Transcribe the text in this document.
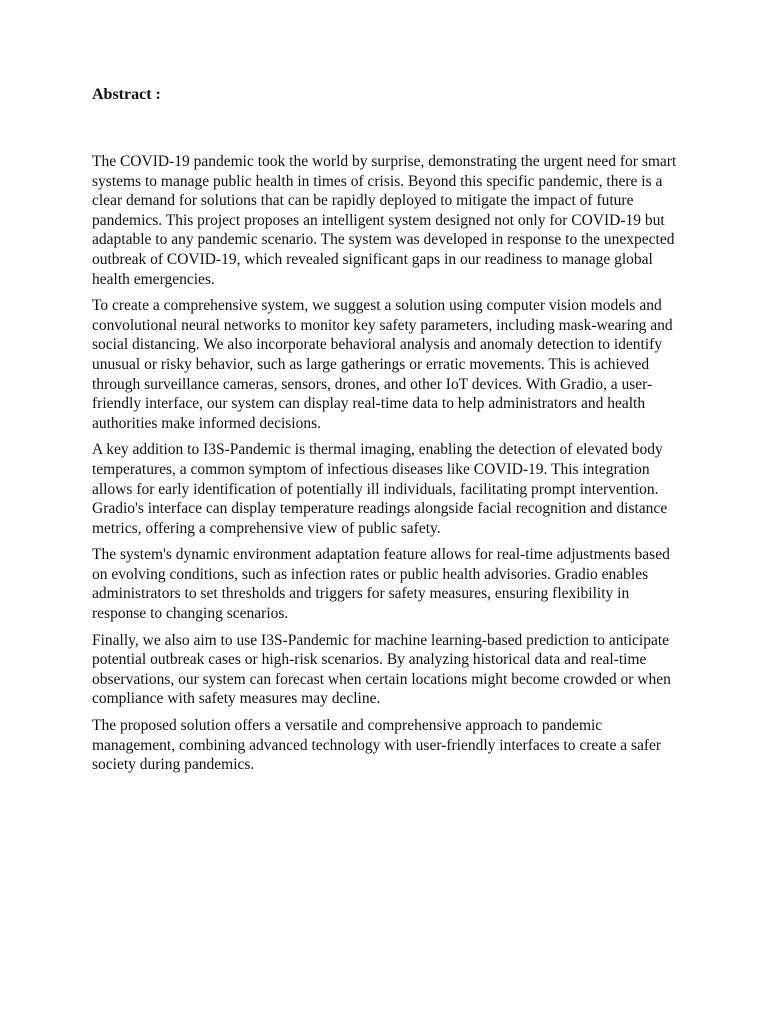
Abstract :

The COVID-19 pandemic took the world by surprise, demonstrating the urgent need for smart systems to manage public health in times of crisis. Beyond this specific pandemic, there is a clear demand for solutions that can be rapidly deployed to mitigate the impact of future pandemics. This project proposes an intelligent system designed not only for COVID-19 but adaptable to any pandemic scenario. The system was developed in response to the unexpected outbreak of COVID-19, which revealed significant gaps in our readiness to manage global health emergencies.

To create a comprehensive system, we suggest a solution using computer vision models and convolutional neural networks to monitor key safety parameters, including mask-wearing and social distancing. We also incorporate behavioral analysis and anomaly detection to identify unusual or risky behavior, such as large gatherings or erratic movements. This is achieved through surveillance cameras, sensors, drones, and other IoT devices. With Gradio, a user-friendly interface, our system can display real-time data to help administrators and health authorities make informed decisions.

A key addition to I3S-Pandemic is thermal imaging, enabling the detection of elevated body temperatures, a common symptom of infectious diseases like COVID-19. This integration allows for early identification of potentially ill individuals, facilitating prompt intervention. Gradio's interface can display temperature readings alongside facial recognition and distance metrics, offering a comprehensive view of public safety.

The system's dynamic environment adaptation feature allows for real-time adjustments based on evolving conditions, such as infection rates or public health advisories. Gradio enables administrators to set thresholds and triggers for safety measures, ensuring flexibility in response to changing scenarios.

Finally, we also aim to use I3S-Pandemic for machine learning-based prediction to anticipate potential outbreak cases or high-risk scenarios. By analyzing historical data and real-time observations, our system can forecast when certain locations might become crowded or when compliance with safety measures may decline.

The proposed solution offers a versatile and comprehensive approach to pandemic management, combining advanced technology with user-friendly interfaces to create a safer society during pandemics.
